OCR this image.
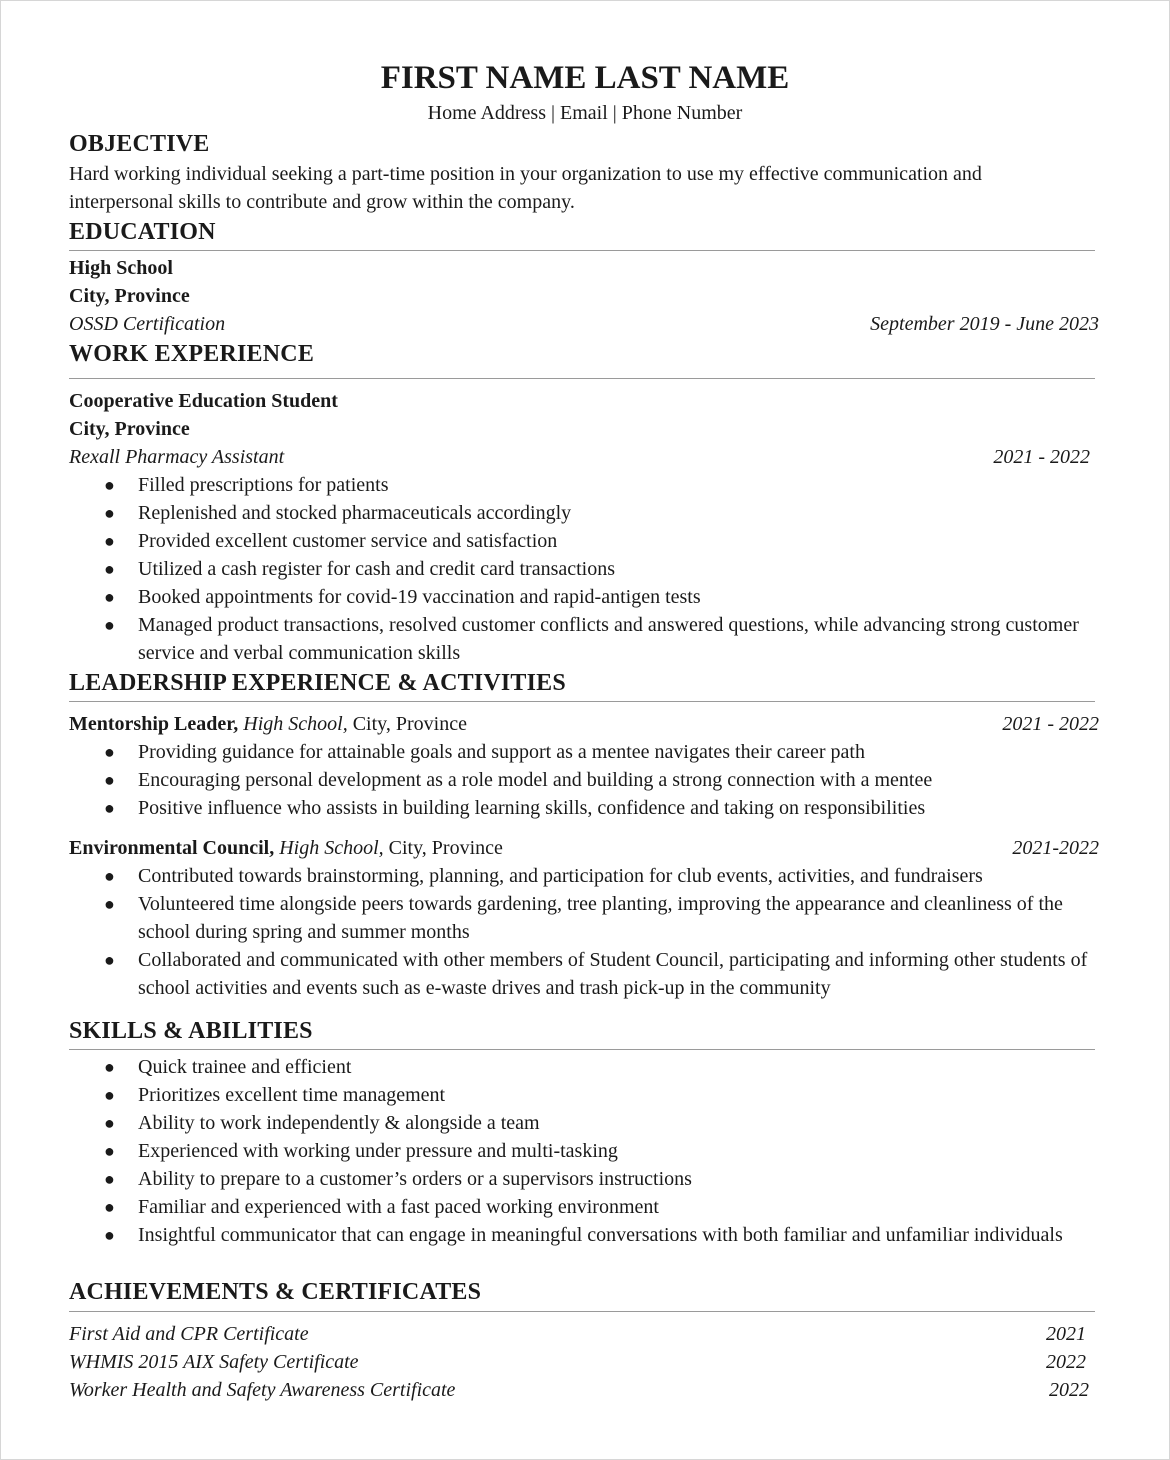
FIRST NAME LAST NAME
Home Address | Email | Phone Number
OBJECTIVE
Hard working individual seeking a part-time position in your organization to use my effective communication and interpersonal skills to contribute and grow within the company.
EDUCATION
High School
City, Province
OSSD Certification	September 2019 - June 2023
WORK EXPERIENCE
Cooperative Education Student
City, Province
Rexall Pharmacy Assistant	2021 - 2022
● Filled prescriptions for patients
● Replenished and stocked pharmaceuticals accordingly
● Provided excellent customer service and satisfaction
● Utilized a cash register for cash and credit card transactions
● Booked appointments for covid-19 vaccination and rapid-antigen tests
● Managed product transactions, resolved customer conflicts and answered questions, while advancing strong customer service and verbal communication skills
LEADERSHIP EXPERIENCE & ACTIVITIES
Mentorship Leader, High School, City, Province	2021 - 2022
● Providing guidance for attainable goals and support as a mentee navigates their career path
● Encouraging personal development as a role model and building a strong connection with a mentee
● Positive influence who assists in building learning skills, confidence and taking on responsibilities
Environmental Council, High School, City, Province	2021-2022
● Contributed towards brainstorming, planning, and participation for club events, activities, and fundraisers
● Volunteered time alongside peers towards gardening, tree planting, improving the appearance and cleanliness of the school during spring and summer months
● Collaborated and communicated with other members of Student Council, participating and informing other students of school activities and events such as e-waste drives and trash pick-up in the community
SKILLS & ABILITIES
● Quick trainee and efficient
● Prioritizes excellent time management
● Ability to work independently & alongside a team
● Experienced with working under pressure and multi-tasking
● Ability to prepare to a customer’s orders or a supervisors instructions
● Familiar and experienced with a fast paced working environment
● Insightful communicator that can engage in meaningful conversations with both familiar and unfamiliar individuals
ACHIEVEMENTS & CERTIFICATES
First Aid and CPR Certificate	2021
WHMIS 2015 AIX Safety Certificate	2022
Worker Health and Safety Awareness Certificate	2022
